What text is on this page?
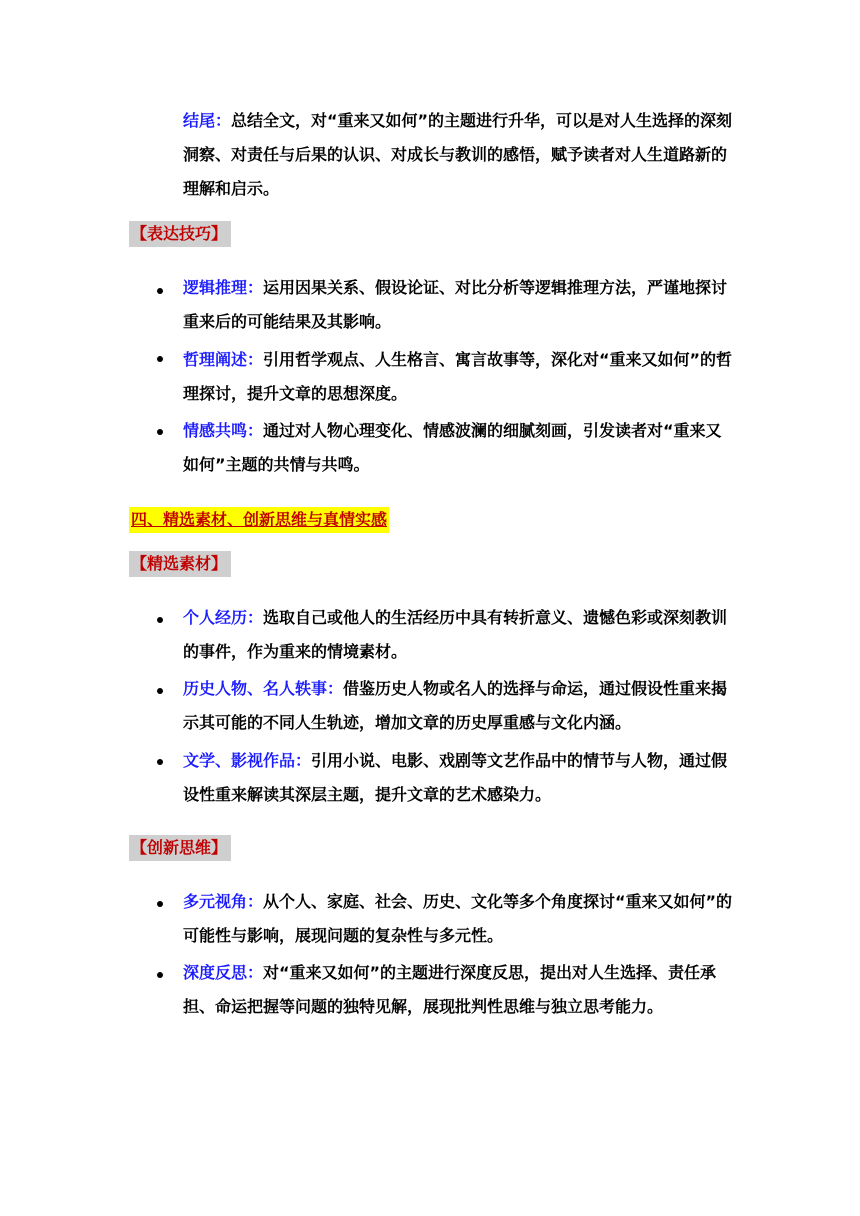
结尾：总结全文，对“重来又如何”的主题进行升华，可以是对人生选择的深刻洞察、对责任与后果的认识、对成长与教训的感悟，赋予读者对人生道路新的理解和启示。

【表达技巧】

逻辑推理：运用因果关系、假设论证、对比分析等逻辑推理方法，严谨地探讨重来后的可能结果及其影响。

哲理阐述：引用哲学观点、人生格言、寓言故事等，深化对“重来又如何”的哲理探讨，提升文章的思想深度。

情感共鸣：通过对人物心理变化、情感波澜的细腻刻画，引发读者对“重来又如何”主题的共情与共鸣。

四、精选素材、创新思维与真情实感
【精选素材】

个人经历：选取自己或他人的生活经历中具有转折意义、遗憾色彩或深刻教训的事件，作为重来的情境素材。

历史人物、名人轶事：借鉴历史人物或名人的选择与命运，通过假设性重来揭示其可能的不同人生轨迹，增加文章的历史厚重感与文化内涵。

文学、影视作品：引用小说、电影、戏剧等文艺作品中的情节与人物，通过假设性重来解读其深层主题，提升文章的艺术感染力。

【创新思维】

多元视角：从个人、家庭、社会、历史、文化等多个角度探讨“重来又如何”的可能性与影响，展现问题的复杂性与多元性。

深度反思：对“重来又如何”的主题进行深度反思，提出对人生选择、责任承担、命运把握等问题的独特见解，展现批判性思维与独立思考能力。
